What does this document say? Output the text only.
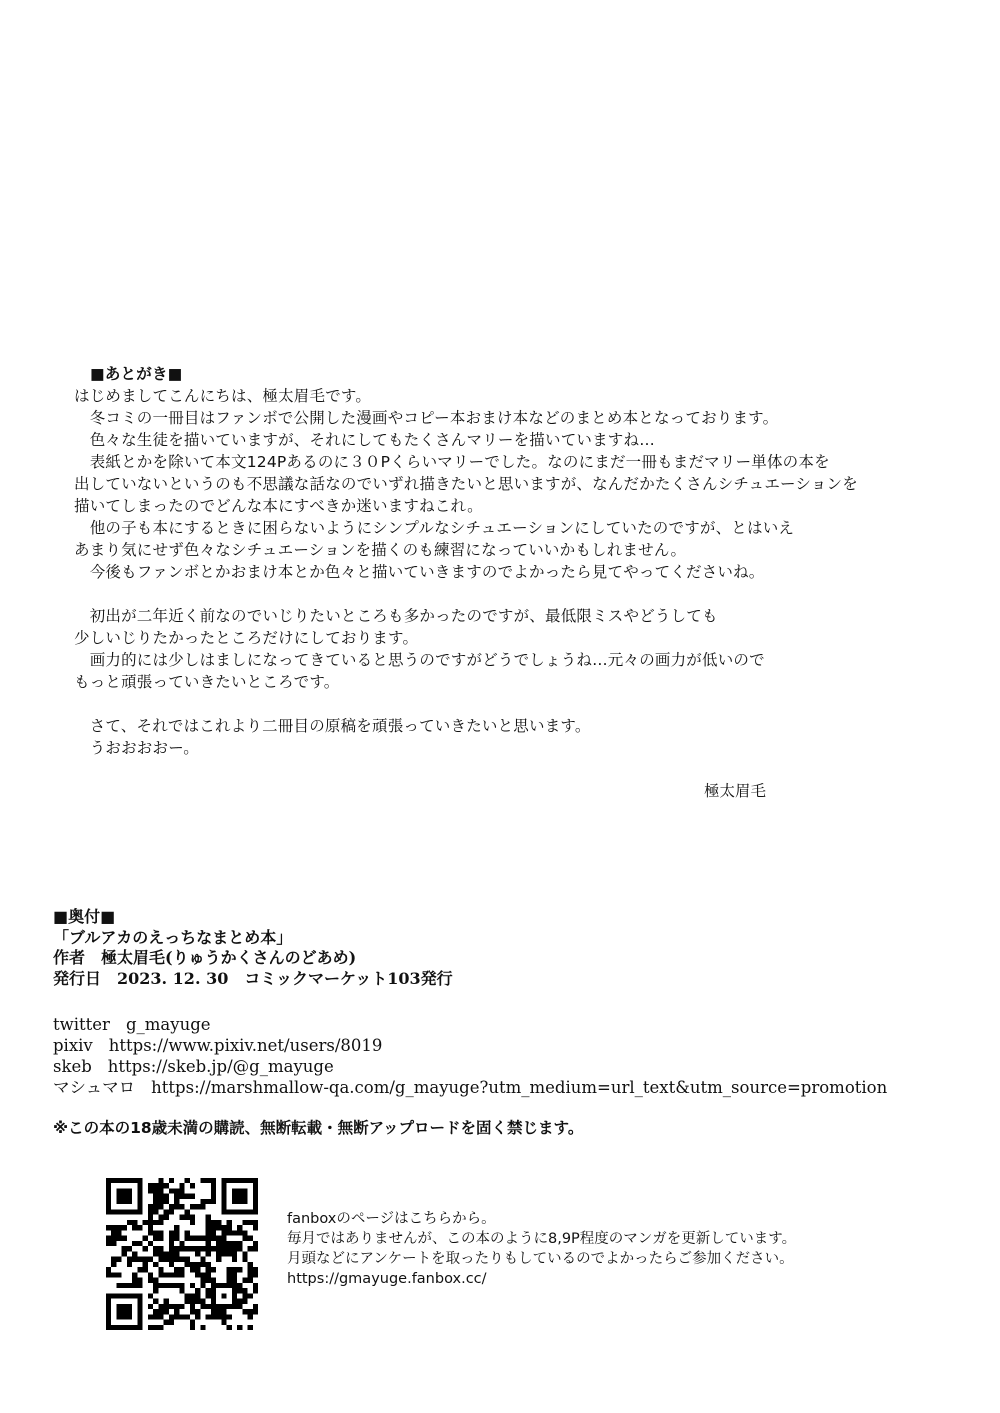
■あとがき■
はじめましてこんにちは、極太眉毛です。
　冬コミの一冊目はファンボで公開した漫画やコピー本おまけ本などのまとめ本となっております。
　色々な生徒を描いていますが、それにしてもたくさんマリーを描いていますね…
　表紙とかを除いて本文124Pあるのに３０Pくらいマリーでした。なのにまだ一冊もまだマリー単体の本を
出していないというのも不思議な話なのでいずれ描きたいと思いますが、なんだかたくさんシチュエーションを
描いてしまったのでどんな本にすべきか迷いますねこれ。
　他の子も本にするときに困らないようにシンプルなシチュエーションにしていたのですが、とはいえ
あまり気にせず色々なシチュエーションを描くのも練習になっていいかもしれません。
　今後もファンボとかおまけ本とか色々と描いていきますのでよかったら見てやってくださいね。
　初出が二年近く前なのでいじりたいところも多かったのですが、最低限ミスやどうしても
少しいじりたかったところだけにしております。
　画力的には少しはましになってきていると思うのですがどうでしょうね…元々の画力が低いので
もっと頑張っていきたいところです。
　さて、それではこれより二冊目の原稿を頑張っていきたいと思います。
　うおおおおー。
極太眉毛
■奥付■
「ブルアカのえっちなまとめ本」
作者　極太眉毛(りゅうかくさんのどあめ)
発行日　2023. 12. 30　コミックマーケット103発行
twitter g_mayuge
pixiv https://www.pixiv.net/users/8019
skeb https://skeb.jp/@g_mayuge
マシュマロ https://marshmallow-qa.com/g_mayuge?utm_medium=url_text&utm_source=promotion
※この本の18歳未満の購読、無断転載・無断アップロードを固く禁じます。
fanboxのページはこちらから。
毎月ではありませんが、この本のように8,9P程度のマンガを更新しています。
月頭などにアンケートを取ったりもしているのでよかったらご参加ください。
https://gmayuge.fanbox.cc/
